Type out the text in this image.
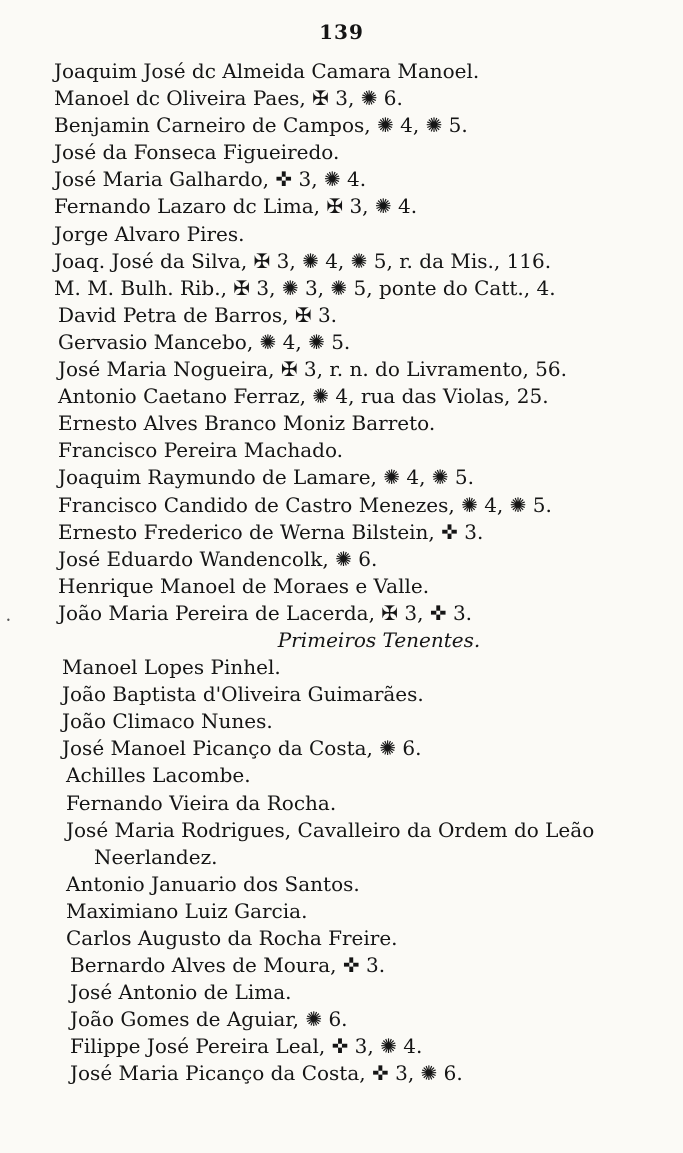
139
Joaquim José dc Almeida Camara Manoel.
Manoel dc Oliveira Paes, ✠ 3, ✺ 6.
Benjamin Carneiro de Campos, ✺ 4, ✺ 5.
José da Fonseca Figueiredo.
José Maria Galhardo, ✜ 3, ✺ 4.
Fernando Lazaro dc Lima, ✠ 3, ✺ 4.
Jorge Alvaro Pires.
Joaq. José da Silva, ✠ 3, ✺ 4, ✺ 5, r. da Mis., 116.
M. M. Bulh. Rib., ✠ 3, ✺ 3, ✺ 5, ponte do Catt., 4.
David Petra de Barros, ✠ 3.
Gervasio Mancebo, ✺ 4, ✺ 5.
José Maria Nogueira, ✠ 3, r. n. do Livramento, 56.
Antonio Caetano Ferraz, ✺ 4, rua das Violas, 25.
Ernesto Alves Branco Moniz Barreto.
Francisco Pereira Machado.
Joaquim Raymundo de Lamare, ✺ 4, ✺ 5.
Francisco Candido de Castro Menezes, ✺ 4, ✺ 5.
Ernesto Frederico de Werna Bilstein, ✜ 3.
José Eduardo Wandencolk, ✺ 6.
Henrique Manoel de Moraes e Valle.
João Maria Pereira de Lacerda, ✠ 3, ✜ 3.
Primeiros Tenentes.
Manoel Lopes Pinhel.
João Baptista d'Oliveira Guimarães.
João Climaco Nunes.
José Manoel Picanço da Costa, ✺ 6.
Achilles Lacombe.
Fernando Vieira da Rocha.
José Maria Rodrigues, Cavalleiro da Ordem do Leão
Neerlandez.
Antonio Januario dos Santos.
Maximiano Luiz Garcia.
Carlos Augusto da Rocha Freire.
Bernardo Alves de Moura, ✜ 3.
José Antonio de Lima.
João Gomes de Aguiar, ✺ 6.
Filippe José Pereira Leal, ✜ 3, ✺ 4.
José Maria Picanço da Costa, ✜ 3, ✺ 6.
•
